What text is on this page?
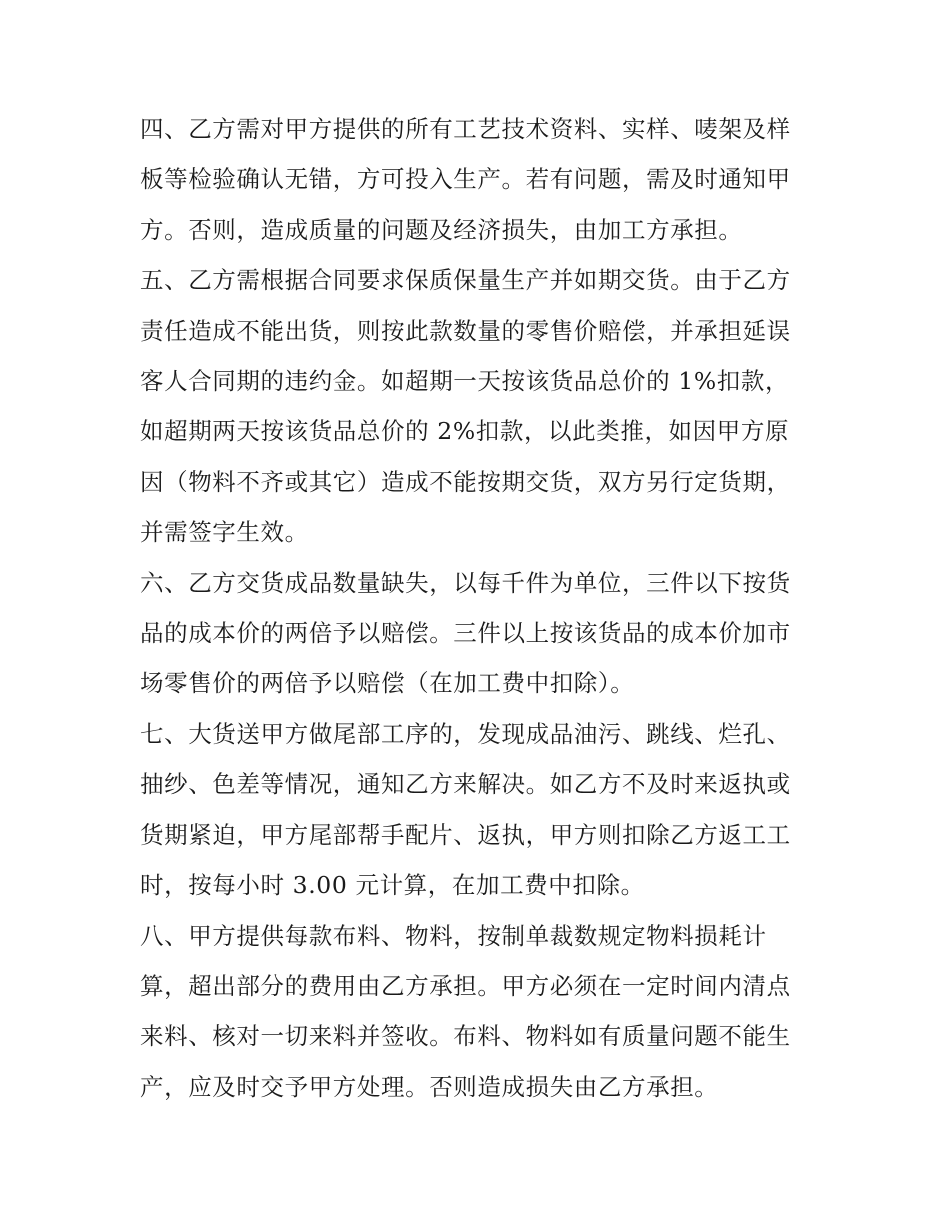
四、乙方需对甲方提供的所有工艺技术资料、实样、唛架及样
板等检验确认无错，方可投入生产。若有问题，需及时通知甲
方。否则，造成质量的问题及经济损失，由加工方承担。

五、乙方需根据合同要求保质保量生产并如期交货。由于乙方
责任造成不能出货，则按此款数量的零售价赔偿，并承担延误
客人合同期的违约金。如超期一天按该货品总价的 1%扣款，
如超期两天按该货品总价的 2%扣款，以此类推，如因甲方原
因（物料不齐或其它）造成不能按期交货，双方另行定货期，
并需签字生效。

六、乙方交货成品数量缺失，以每千件为单位，三件以下按货
品的成本价的两倍予以赔偿。三件以上按该货品的成本价加市
场零售价的两倍予以赔偿（在加工费中扣除）。

七、大货送甲方做尾部工序的，发现成品油污、跳线、烂孔、
抽纱、色差等情况，通知乙方来解决。如乙方不及时来返执或
货期紧迫，甲方尾部帮手配片、返执，甲方则扣除乙方返工工
时，按每小时 3.00 元计算，在加工费中扣除。

八、甲方提供每款布料、物料，按制单裁数规定物料损耗计
算，超出部分的费用由乙方承担。甲方必须在一定时间内清点
来料、核对一切来料并签收。布料、物料如有质量问题不能生
产，应及时交予甲方处理。否则造成损失由乙方承担。
